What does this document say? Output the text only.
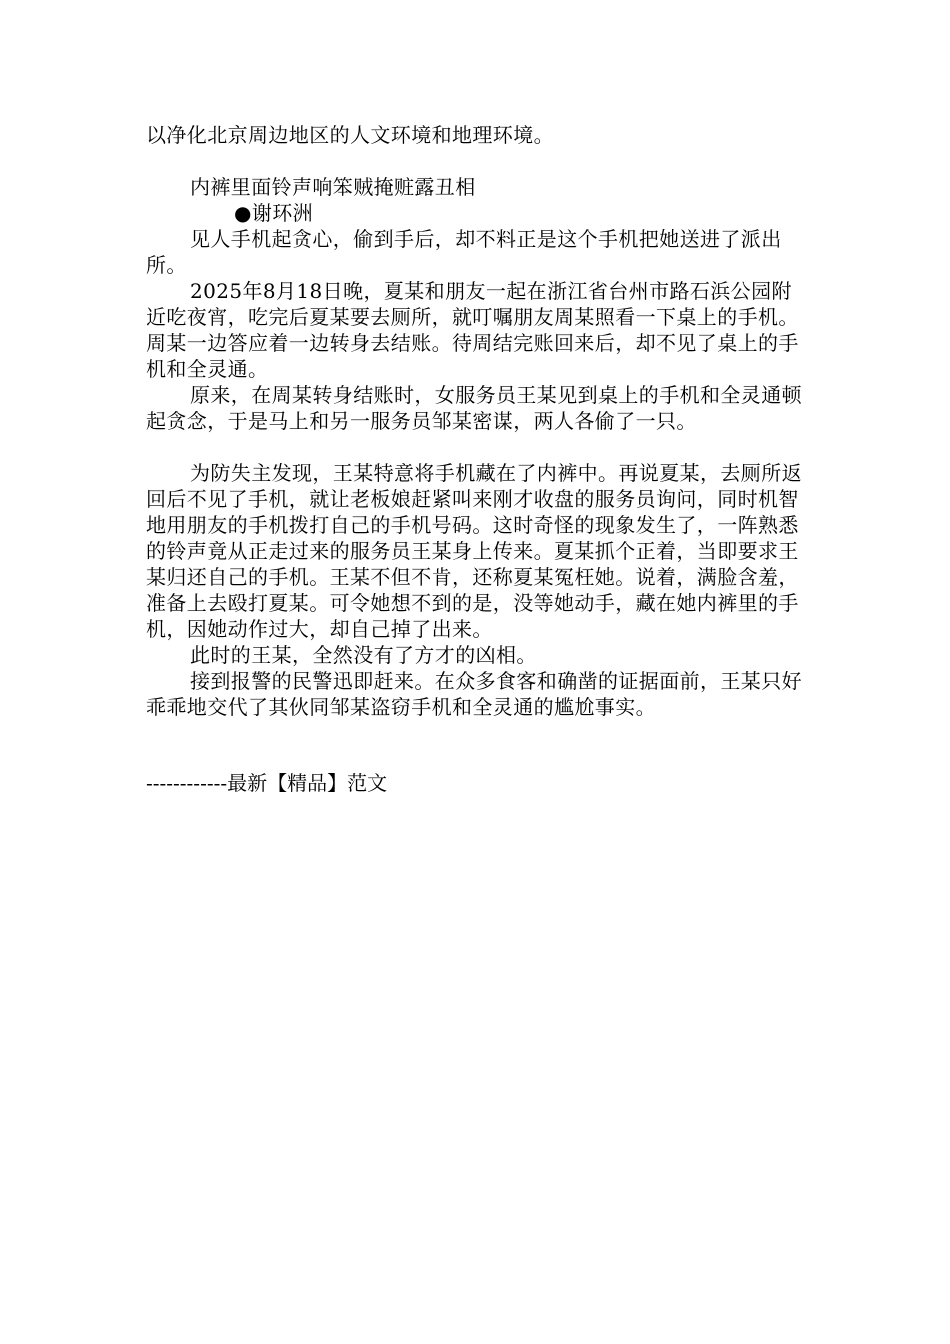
以净化北京周边地区的人文环境和地理环境。

内裤里面铃声响笨贼掩赃露丑相

●谢环洲

见人手机起贪心，偷到手后，却不料正是这个手机把她送进了派出所。

2025年8月18日晚，夏某和朋友一起在浙江省台州市路石浜公园附近吃夜宵，吃完后夏某要去厕所，就叮嘱朋友周某照看一下桌上的手机。周某一边答应着一边转身去结账。待周结完账回来后，却不见了桌上的手机和全灵通。

原来，在周某转身结账时，女服务员王某见到桌上的手机和全灵通顿起贪念，于是马上和另一服务员邹某密谋，两人各偷了一只。

为防失主发现，王某特意将手机藏在了内裤中。再说夏某，去厕所返回后不见了手机，就让老板娘赶紧叫来刚才收盘的服务员询问，同时机智地用朋友的手机拨打自己的手机号码。这时奇怪的现象发生了，一阵熟悉的铃声竟从正走过来的服务员王某身上传来。夏某抓个正着，当即要求王某归还自己的手机。王某不但不肯，还称夏某冤枉她。说着，满脸含羞，准备上去殴打夏某。可令她想不到的是，没等她动手，藏在她内裤里的手机，因她动作过大，却自己掉了出来。

此时的王某，全然没有了方才的凶相。

接到报警的民警迅即赶来。在众多食客和确凿的证据面前，王某只好乖乖地交代了其伙同邹某盗窃手机和全灵通的尴尬事实。

------------最新【精品】范文
